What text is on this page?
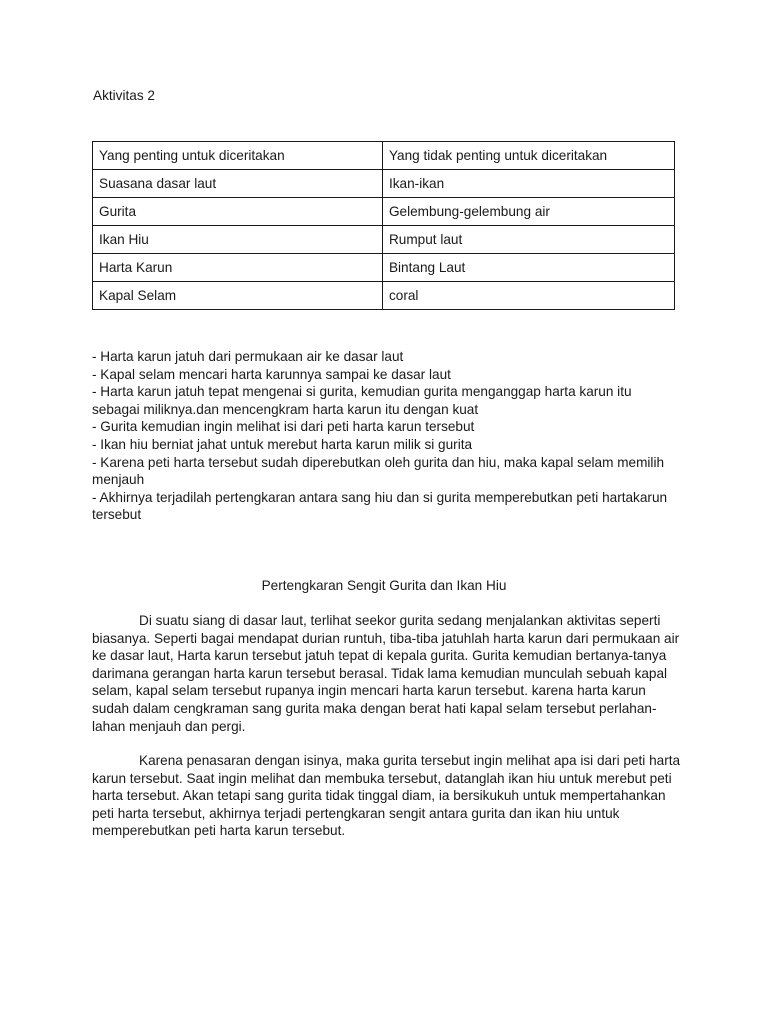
Aktivitas 2
Yang penting untuk diceritakan	Yang tidak penting untuk diceritakan
Suasana dasar laut	Ikan-ikan
Gurita	Gelembung-gelembung air
Ikan Hiu	Rumput laut
Harta Karun	Bintang Laut
Kapal Selam	coral
- Harta karun jatuh dari permukaan air ke dasar laut
- Kapal selam mencari harta karunnya sampai ke dasar laut
- Harta karun jatuh tepat mengenai si gurita, kemudian gurita menganggap harta karun itu sebagai miliknya.dan mencengkram harta karun itu dengan kuat
- Gurita kemudian ingin melihat isi dari peti harta karun tersebut
- Ikan hiu berniat jahat untuk merebut harta karun milik si gurita
- Karena peti harta tersebut sudah diperebutkan oleh gurita dan hiu, maka kapal selam memilih menjauh
- Akhirnya terjadilah pertengkaran antara sang hiu dan si gurita memperebutkan peti hartakarun tersebut
Pertengkaran Sengit Gurita dan Ikan Hiu

Di suatu siang di dasar laut, terlihat seekor gurita sedang menjalankan aktivitas seperti biasanya. Seperti bagai mendapat durian runtuh, tiba-tiba jatuhlah harta karun dari permukaan air ke dasar laut, Harta karun tersebut jatuh tepat di kepala gurita. Gurita kemudian bertanya-tanya darimana gerangan harta karun tersebut berasal. Tidak lama kemudian munculah sebuah kapal selam, kapal selam tersebut rupanya ingin mencari harta karun tersebut. karena harta karun sudah dalam cengkraman sang gurita maka dengan berat hati kapal selam tersebut perlahan-lahan menjauh dan pergi.

Karena penasaran dengan isinya, maka gurita tersebut ingin melihat apa isi dari peti harta karun tersebut. Saat ingin melihat dan membuka tersebut, datanglah ikan hiu untuk merebut peti harta tersebut. Akan tetapi sang gurita tidak tinggal diam, ia bersikukuh untuk mempertahankan peti harta tersebut, akhirnya terjadi pertengkaran sengit antara gurita dan ikan hiu untuk memperebutkan peti harta karun tersebut.
